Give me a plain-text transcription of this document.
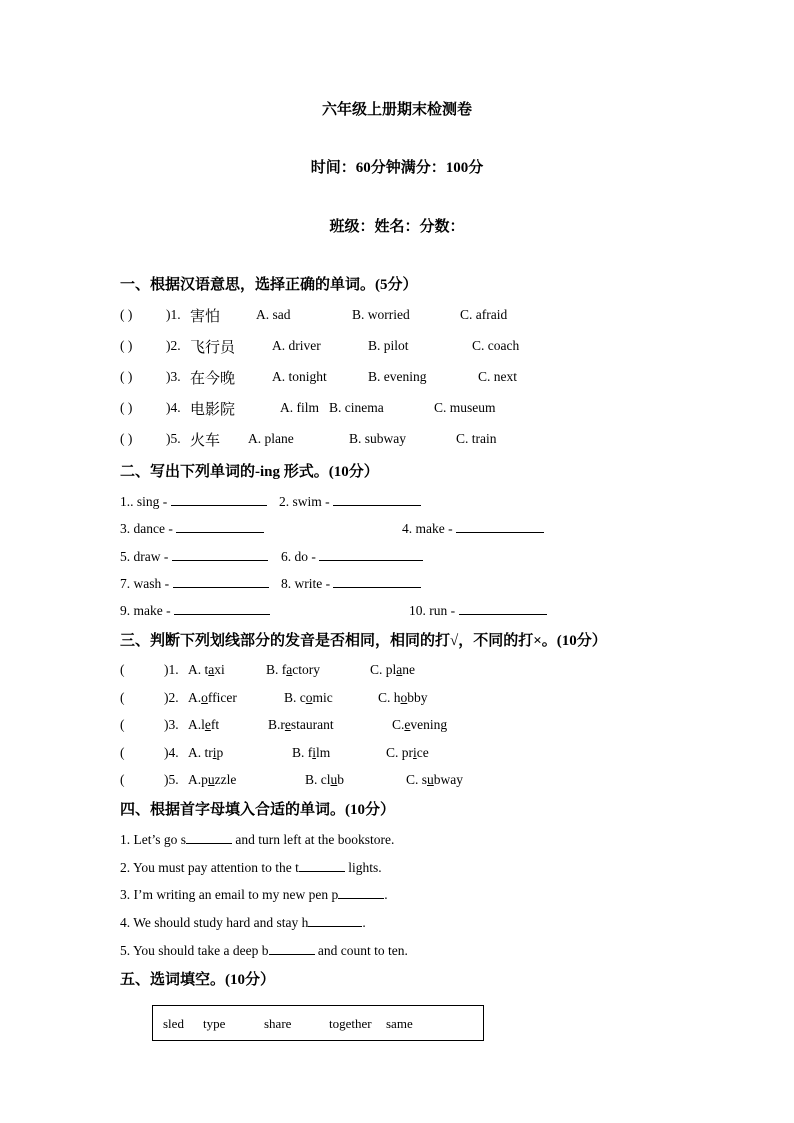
六年级上册期末检测卷
时间：60分钟满分：100分
班级：姓名：分数：
一、根据汉语意思，选择正确的单词。(5分）
( ) )1. 害怕	A. sad	B. worried	C. afraid
( ) )2. 飞行员	A. driver	B. pilot	C. coach
( ) )3. 在今晚	A. tonight	B. evening	C. next
( ) )4. 电影院	A. film B. cinema	C. museum
( ) )5. 火车 A. plane	B. subway	C. train
二、写出下列单词的-ing 形式。(10分）
1.. sing -	2. swim -
3. dance -	4. make -
5. draw -	6. do -
7. wash -	8. write -
9. make -	10. run -
三、判断下列划线部分的发音是否相同，相同的打√，不同的打×。(10分）
(	)1. A. taxi	B. factory	C. plane
(	)2. A.officer	B. comic	C. hobby
(	)3. A.left	B.restaurant	C.evening
(	)4. A. trip	B. film	C. price
(	)5. A.puzzle	B. club	C. subway
四、根据首字母填入合适的单词。(10分）
1. Let’s go s	and turn left at the bookstore.
2. You must pay attention to the t	lights.
3. I’m writing an email to my new pen p	.
4. We should study hard and stay h	.
5. You should take a deep b	and count to ten.
五、选词填空。(10分）
sled type	share	together same
